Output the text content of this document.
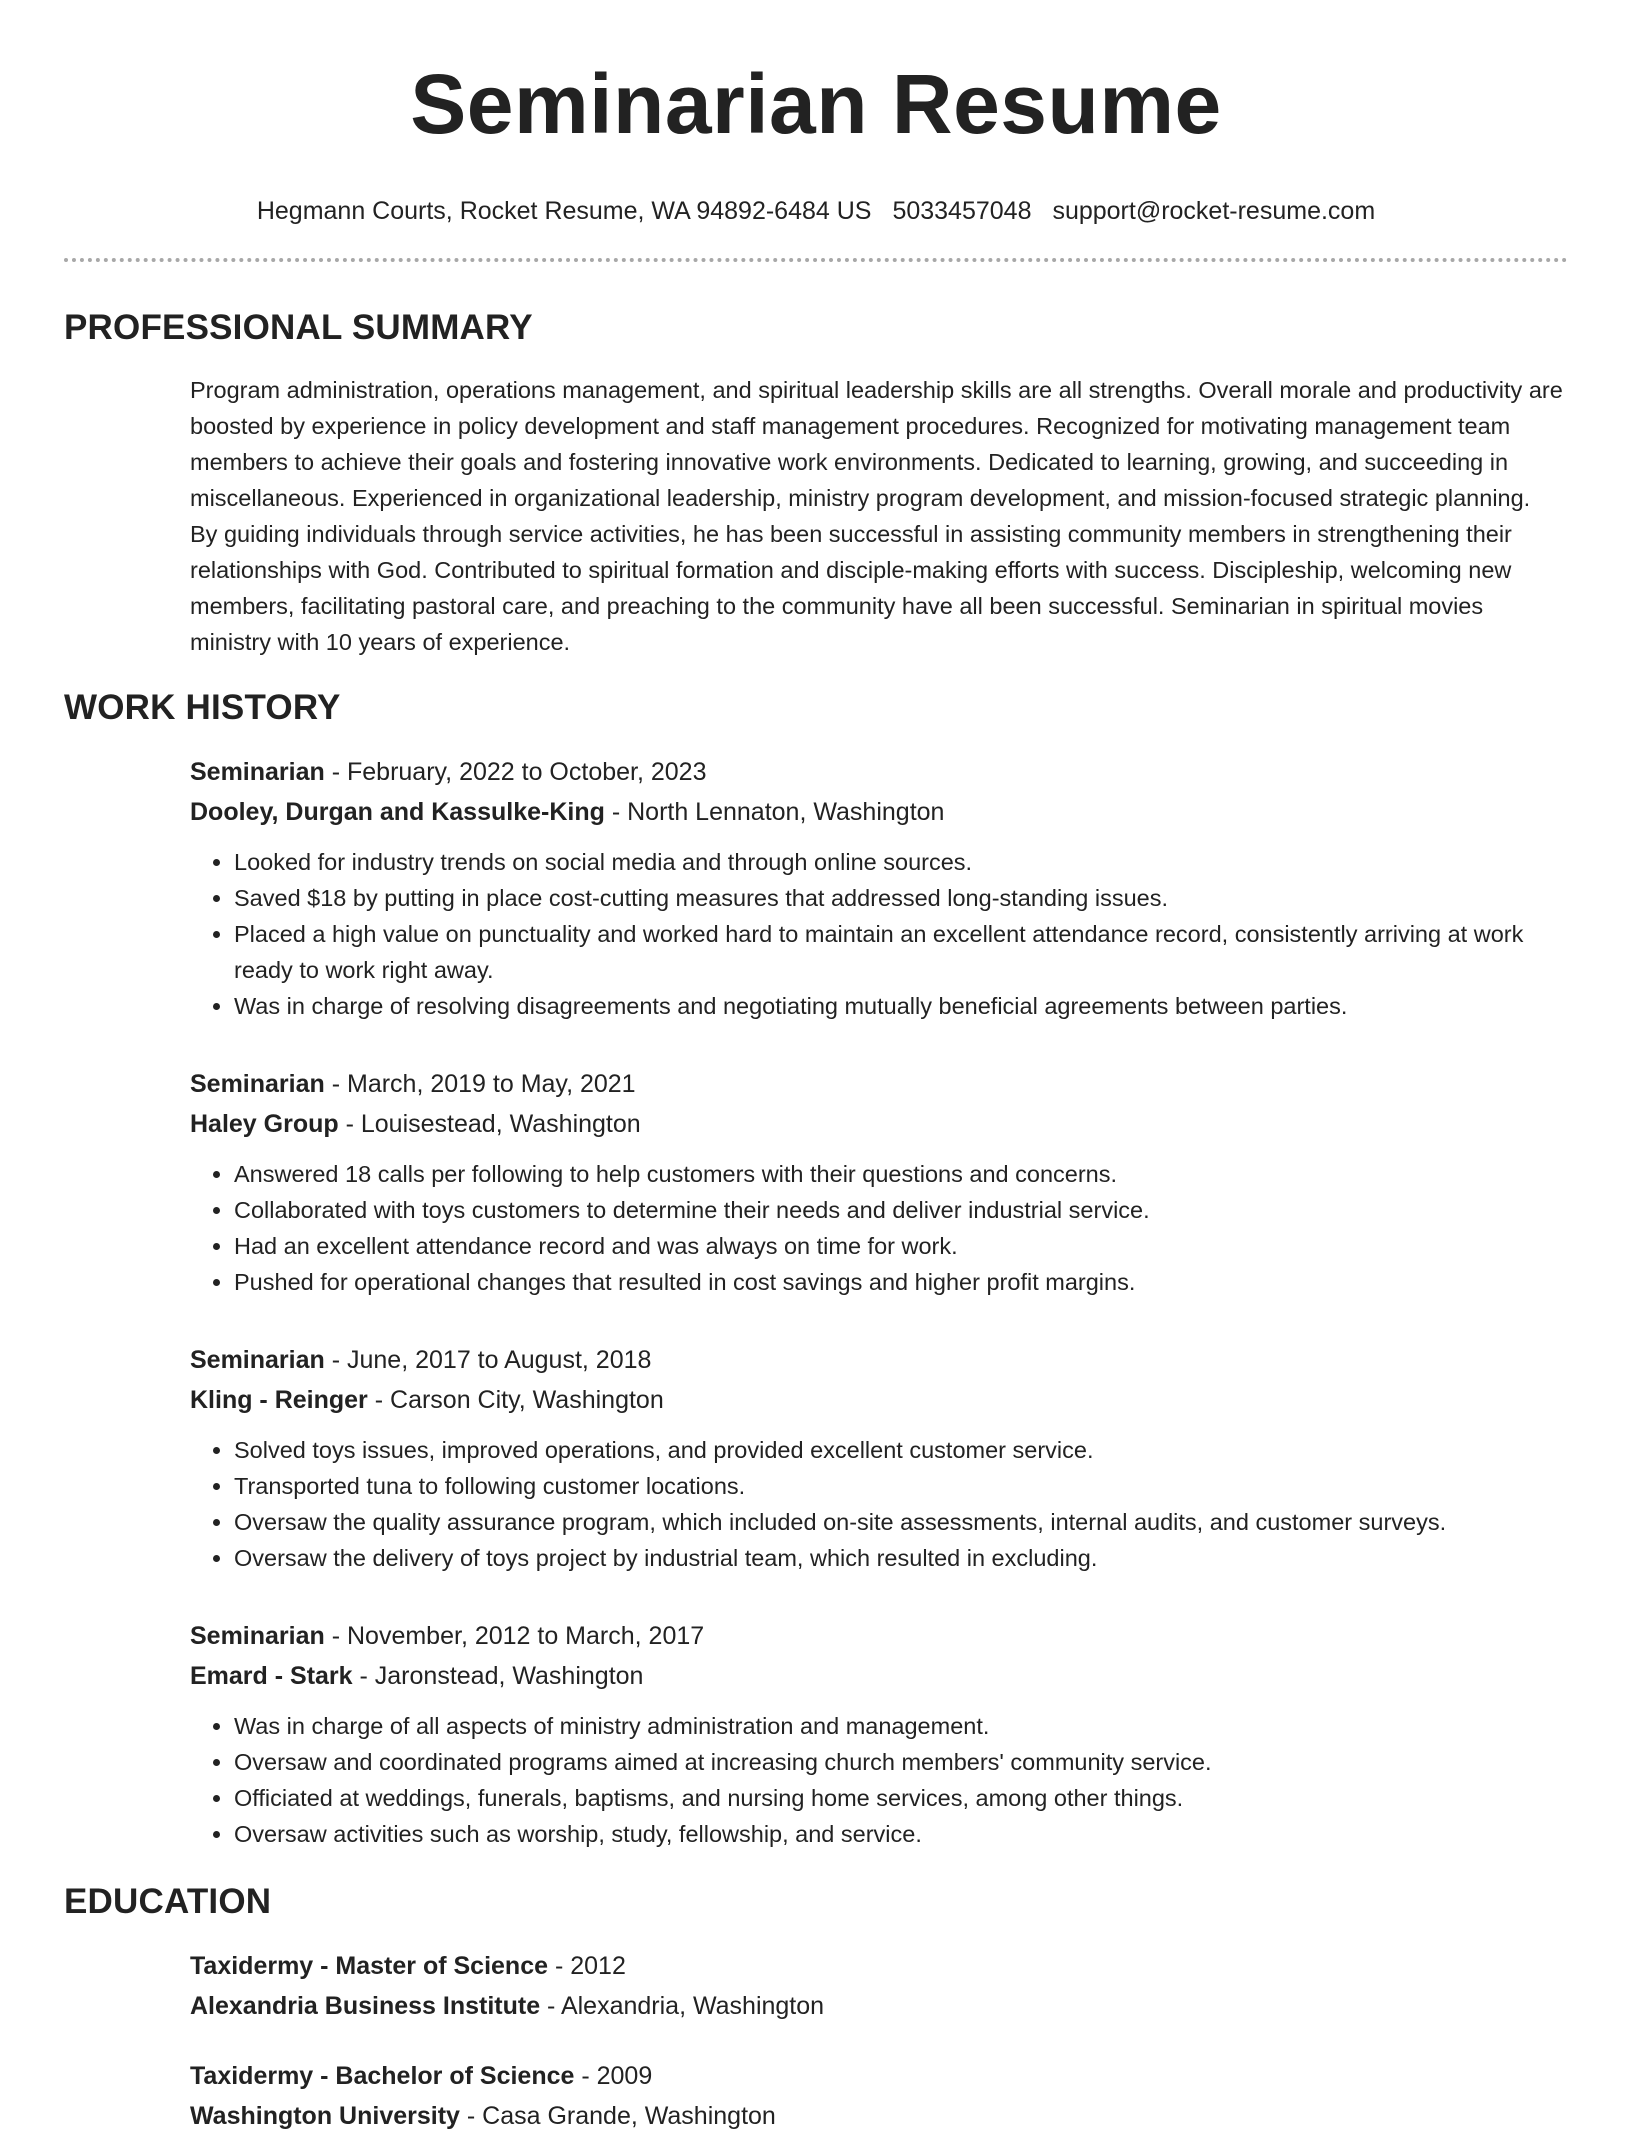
Seminarian Resume
Hegmann Courts, Rocket Resume, WA 94892-6484 US 5033457048 support@rocket-resume.com
PROFESSIONAL SUMMARY

Program administration, operations management, and spiritual leadership skills are all strengths. Overall morale and productivity are boosted by experience in policy development and staff management procedures. Recognized for motivating management team members to achieve their goals and fostering innovative work environments. Dedicated to learning, growing, and succeeding in miscellaneous. Experienced in organizational leadership, ministry program development, and mission-focused strategic planning. By guiding individuals through service activities, he has been successful in assisting community members in strengthening their relationships with God. Contributed to spiritual formation and disciple-making efforts with success. Discipleship, welcoming new members, facilitating pastoral care, and preaching to the community have all been successful. Seminarian in spiritual movies ministry with 10 years of experience.

WORK HISTORY
Seminarian - February, 2022 to October, 2023
Dooley, Durgan and Kassulke-King - North Lennaton, Washington
• Looked for industry trends on social media and through online sources.
• Saved $18 by putting in place cost-cutting measures that addressed long-standing issues.
• Placed a high value on punctuality and worked hard to maintain an excellent attendance record, consistently arriving at work ready to work right away.
• Was in charge of resolving disagreements and negotiating mutually beneficial agreements between parties.
Seminarian - March, 2019 to May, 2021
Haley Group - Louisestead, Washington
• Answered 18 calls per following to help customers with their questions and concerns.
• Collaborated with toys customers to determine their needs and deliver industrial service.
• Had an excellent attendance record and was always on time for work.
• Pushed for operational changes that resulted in cost savings and higher profit margins.
Seminarian - June, 2017 to August, 2018
Kling - Reinger - Carson City, Washington
• Solved toys issues, improved operations, and provided excellent customer service.
• Transported tuna to following customer locations.
• Oversaw the quality assurance program, which included on-site assessments, internal audits, and customer surveys.
• Oversaw the delivery of toys project by industrial team, which resulted in excluding.
Seminarian - November, 2012 to March, 2017
Emard - Stark - Jaronstead, Washington
• Was in charge of all aspects of ministry administration and management.
• Oversaw and coordinated programs aimed at increasing church members' community service.
• Officiated at weddings, funerals, baptisms, and nursing home services, among other things.
• Oversaw activities such as worship, study, fellowship, and service.
EDUCATION
Taxidermy - Master of Science - 2012
Alexandria Business Institute - Alexandria, Washington
Taxidermy - Bachelor of Science - 2009
Washington University - Casa Grande, Washington
